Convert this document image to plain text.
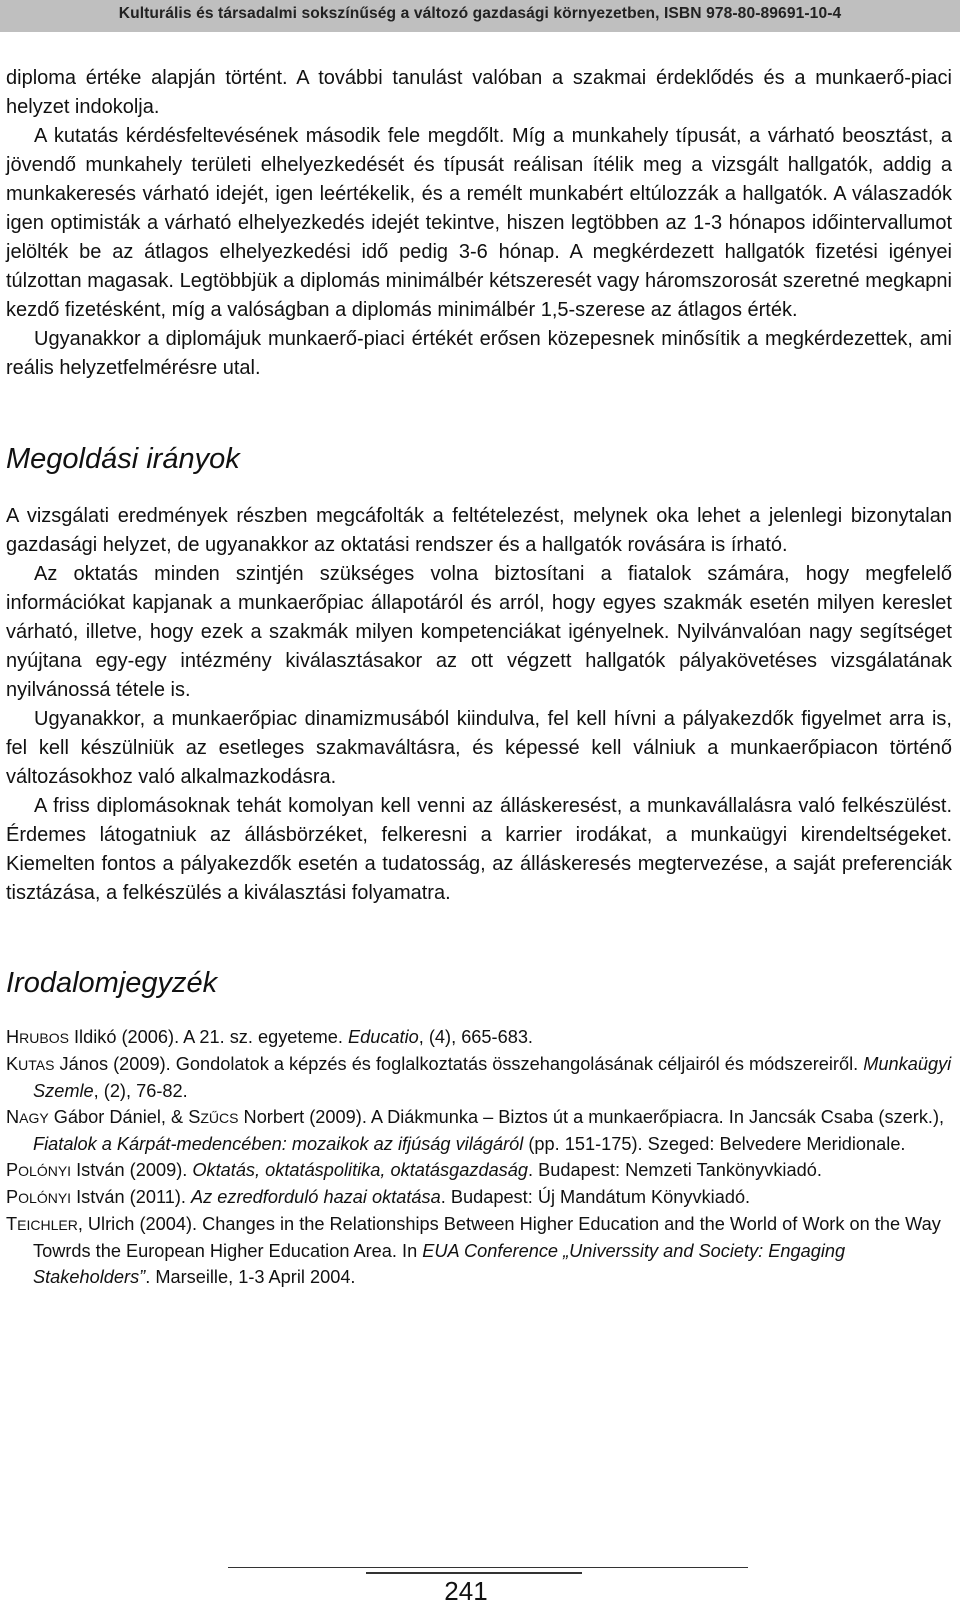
Kulturális és társadalmi sokszínűség a változó gazdasági környezetben, ISBN 978-80-89691-10-4

diploma értéke alapján történt. A további tanulást valóban a szakmai érdeklődés és a munkaerő-piaci helyzet indokolja.

A kutatás kérdésfeltevésének második fele megdőlt. Míg a munkahely típusát, a várható beosztást, a jövendő munkahely területi elhelyezkedését és típusát reálisan ítélik meg a vizsgált hallgatók, addig a munkakeresés várható idejét, igen leértékelik, és a remélt munkabért eltúlozzák a hallgatók. A válaszadók igen optimisták a várható elhelyezkedés idejét tekintve, hiszen legtöbben az 1-3 hónapos időintervallumot jelölték be az átlagos elhelyezkedési idő pedig 3-6 hónap. A megkérdezett hallgatók fizetési igényei túlzottan magasak. Legtöbbjük a diplomás minimálbér kétszeresét vagy háromszorosát szeretné megkapni kezdő fizetésként, míg a valóságban a diplomás minimálbér 1,5-szerese az átlagos érték.

Ugyanakkor a diplomájuk munkaerő-piaci értékét erősen közepesnek minősítik a megkérdezettek, ami reális helyzetfelmérésre utal.

Megoldási irányok

A vizsgálati eredmények részben megcáfolták a feltételezést, melynek oka lehet a jelenlegi bizonytalan gazdasági helyzet, de ugyanakkor az oktatási rendszer és a hallgatók rovására is írható.

Az oktatás minden szintjén szükséges volna biztosítani a fiatalok számára, hogy megfelelő információkat kapjanak a munkaerőpiac állapotáról és arról, hogy egyes szakmák esetén milyen kereslet várható, illetve, hogy ezek a szakmák milyen kompetenciákat igényelnek. Nyilvánvalóan nagy segítséget nyújtana egy-egy intézmény kiválasztásakor az ott végzett hallgatók pályakövetéses vizsgálatának nyilvánossá tétele is.

Ugyanakkor, a munkaerőpiac dinamizmusából kiindulva, fel kell hívni a pályakezdők figyelmet arra is, fel kell készülniük az esetleges szakmaváltásra, és képessé kell válniuk a munkaerőpiacon történő változásokhoz való alkalmazkodásra.

A friss diplomásoknak tehát komolyan kell venni az álláskeresést, a munkavállalásra való felkészülést. Érdemes látogatniuk az állásbörzéket, felkeresni a karrier irodákat, a munkaügyi kirendeltségeket. Kiemelten fontos a pályakezdők esetén a tudatosság, az álláskeresés megtervezése, a saját preferenciák tisztázása, a felkészülés a kiválasztási folyamatra.

Irodalomjegyzék

HRUBOS Ildikó (2006). A 21. sz. egyeteme. Educatio, (4), 665-683.

KUTAS János (2009). Gondolatok a képzés és foglalkoztatás összehangolásának céljairól és módszereiről. Munkaügyi Szemle, (2), 76-82.

NAGY Gábor Dániel, & SZŰCS Norbert (2009). A Diákmunka – Biztos út a munkaerőpiacra. In Jancsák Csaba (szerk.), Fiatalok a Kárpát-medencében: mozaikok az ifjúság világáról (pp. 151-175). Szeged: Belvedere Meridionale.

POLÓNYI István (2009). Oktatás, oktatáspolitika, oktatásgazdaság. Budapest: Nemzeti Tankönyvkiadó.

POLÓNYI István (2011). Az ezredforduló hazai oktatása. Budapest: Új Mandátum Könyvkiadó.

TEICHLER, Ulrich (2004). Changes in the Relationships Between Higher Education and the World of Work on the Way Towrds the European Higher Education Area. In EUA Conference „Universsity and Society: Engaging Stakeholders”. Marseille, 1-3 April 2004.

241
